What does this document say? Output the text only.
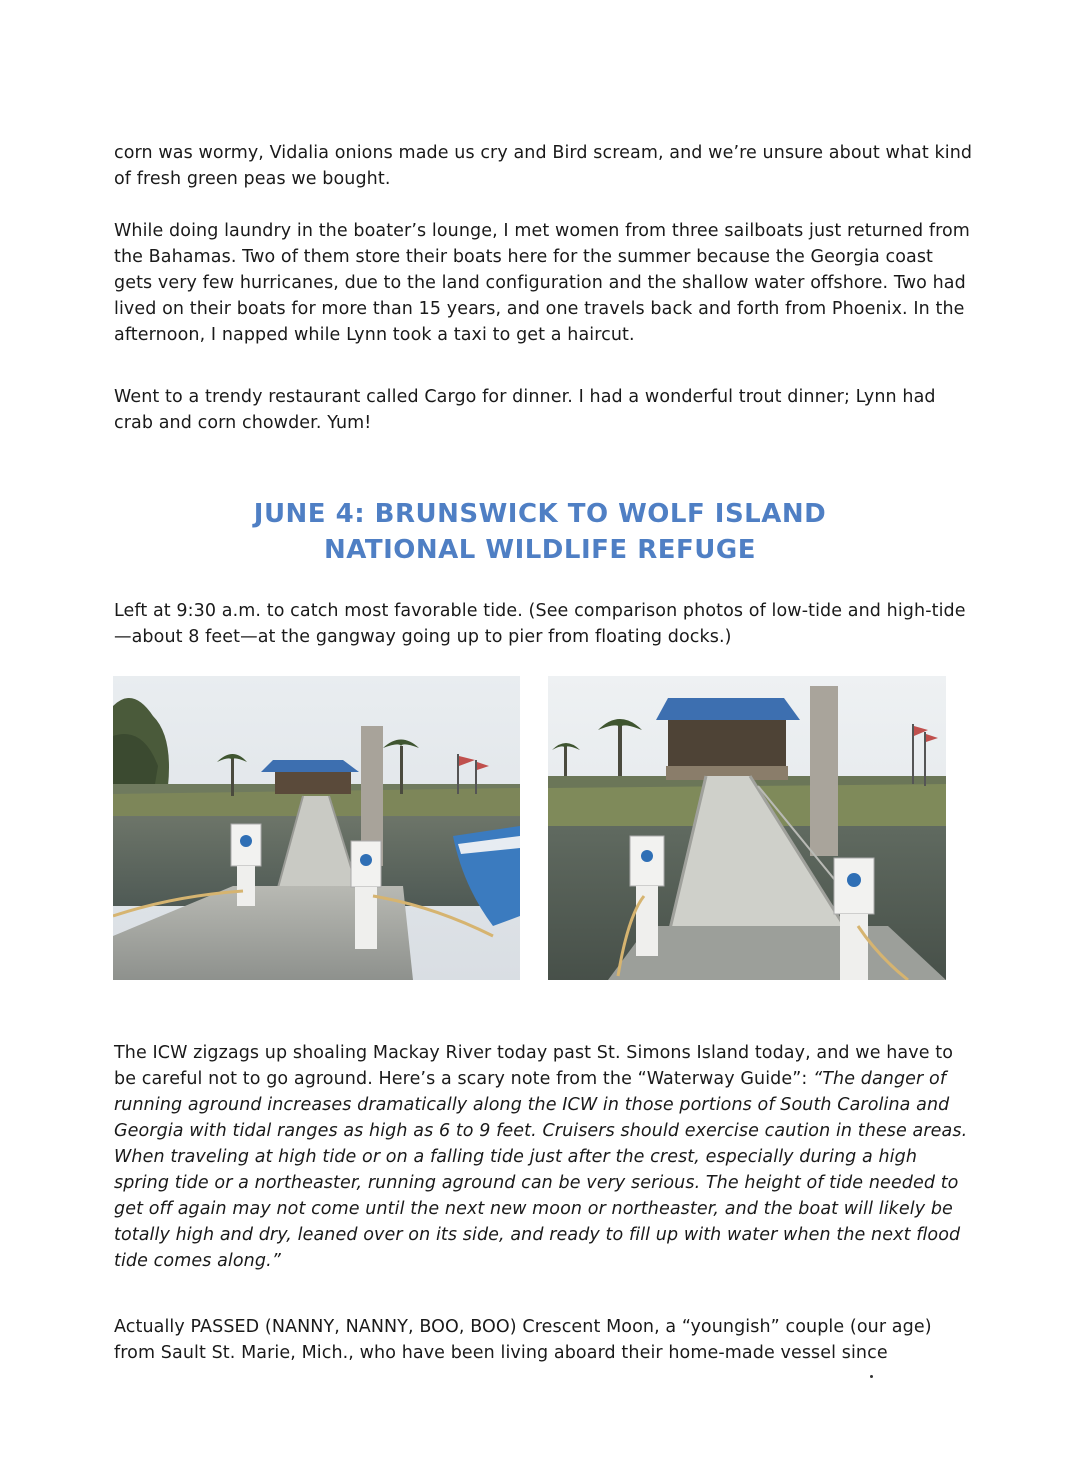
corn was wormy, Vidalia onions made us cry and Bird scream, and we’re unsure about what kind of fresh green peas we bought.

While doing laundry in the boater’s lounge, I met women from three sailboats just returned from the Bahamas. Two of them store their boats here for the summer because the Georgia coast gets very few hurricanes, due to the land configuration and the shallow water offshore. Two had lived on their boats for more than 15 years, and one travels back and forth from Phoenix. In the afternoon, I napped while Lynn took a taxi to get a haircut.

Went to a trendy restaurant called Cargo for dinner. I had a wonderful trout dinner; Lynn had crab and corn chowder. Yum!

JUNE 4: BRUNSWICK TO WOLF ISLAND
NATIONAL WILDLIFE REFUGE

Left at 9:30 a.m. to catch most favorable tide. (See comparison photos of low-tide and high-tide—about 8 feet—at the gangway going up to pier from floating docks.)

The ICW zigzags up shoaling Mackay River today past St. Simons Island today, and we have to be careful not to go aground. Here’s a scary note from the “Waterway Guide”: “The danger of running aground increases dramatically along the ICW in those portions of South Carolina and Georgia with tidal ranges as high as 6 to 9 feet. Cruisers should exercise caution in these areas. When traveling at high tide or on a falling tide just after the crest, especially during a high spring tide or a northeaster, running aground can be very serious. The height of tide needed to get off again may not come until the next new moon or northeaster, and the boat will likely be totally high and dry, leaned over on its side, and ready to fill up with water when the next flood tide comes along.”

Actually PASSED (NANNY, NANNY, BOO, BOO) Crescent Moon, a “youngish” couple (our age) from Sault St. Marie, Mich., who have been living aboard their home-made vessel since
